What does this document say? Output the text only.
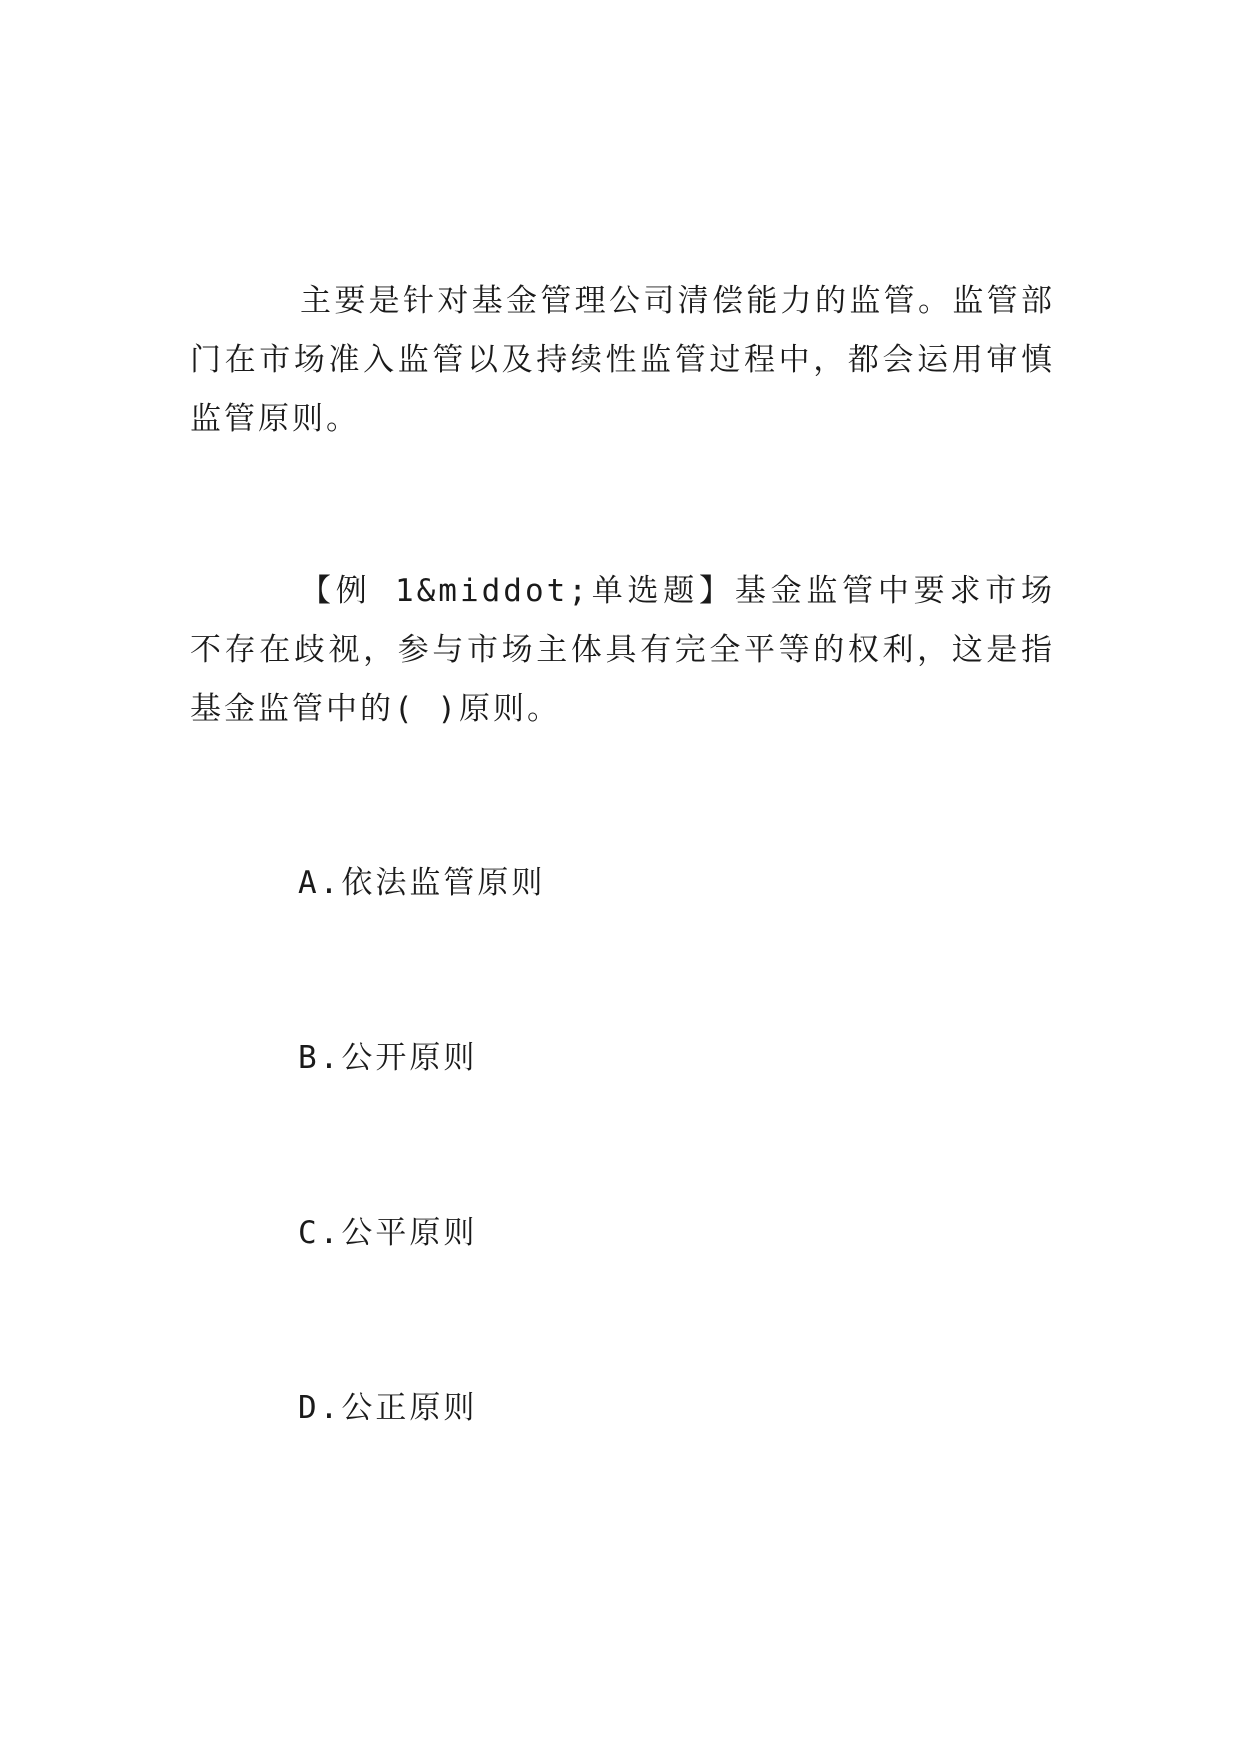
主要是针对基金管理公司清偿能力的监管。监管部门在市场准入监管以及持续性监管过程中，都会运用审慎监管原则。

【例 1&middot;单选题】基金监管中要求市场不存在歧视，参与市场主体具有完全平等的权利，这是指基金监管中的( )原则。

A.依法监管原则

B.公开原则

C.公平原则

D.公正原则
